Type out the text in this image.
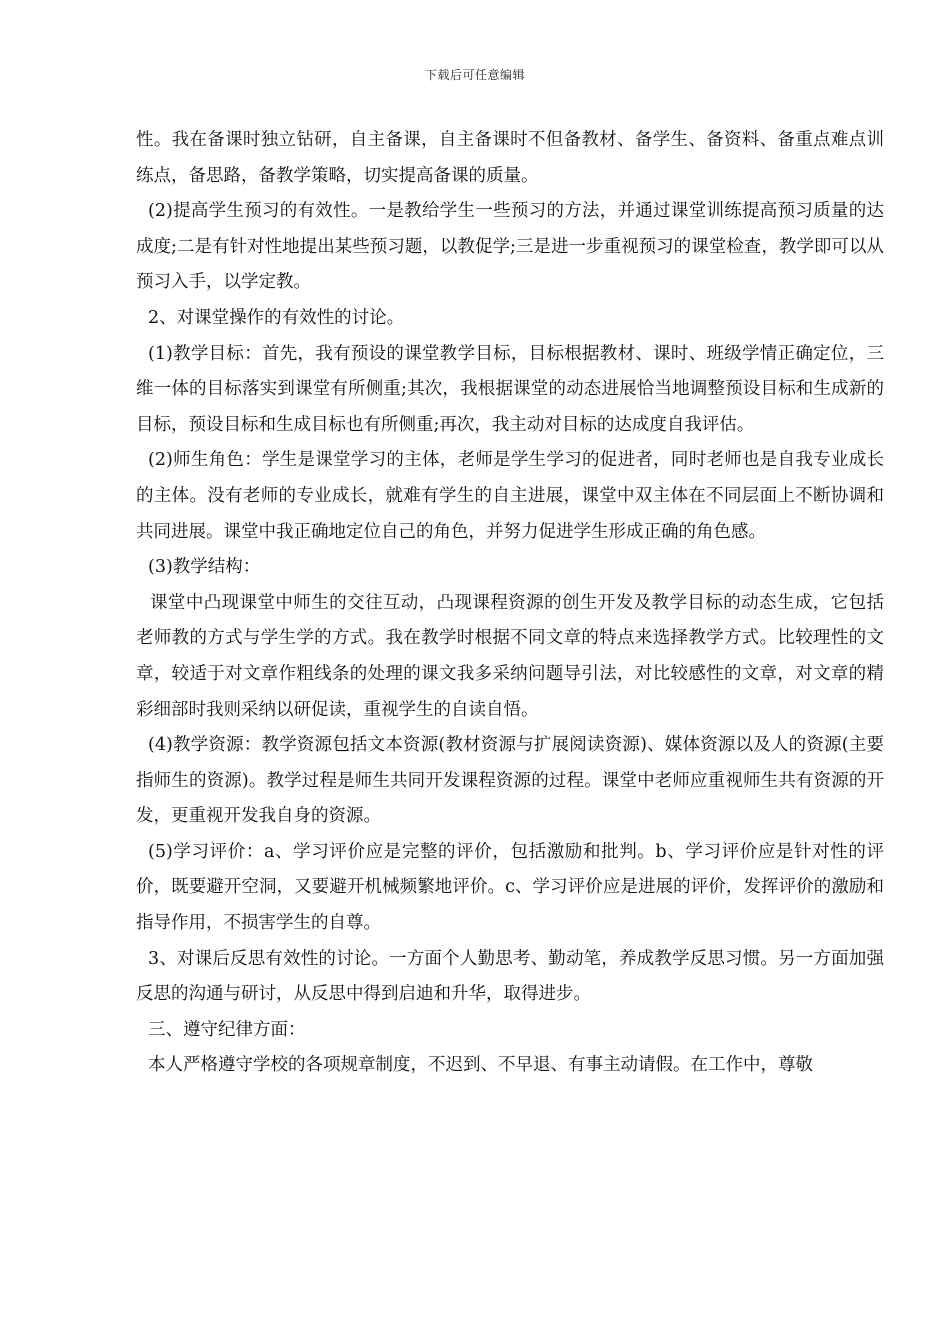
下载后可任意编辑

性。我在备课时独立钻研，自主备课，自主备课时不但备教材、备学生、备资料、备重点难点训练点，备思路，备教学策略，切实提高备课的质量。

(2)提高学生预习的有效性。一是教给学生一些预习的方法，并通过课堂训练提高预习质量的达成度;二是有针对性地提出某些预习题，以教促学;三是进一步重视预习的课堂检查，教学即可以从预习入手，以学定教。

2、对课堂操作的有效性的讨论。

(1)教学目标：首先，我有预设的课堂教学目标，目标根据教材、课时、班级学情正确定位，三维一体的目标落实到课堂有所侧重;其次，我根据课堂的动态进展恰当地调整预设目标和生成新的目标，预设目标和生成目标也有所侧重;再次，我主动对目标的达成度自我评估。

(2)师生角色：学生是课堂学习的主体，老师是学生学习的促进者，同时老师也是自我专业成长的主体。没有老师的专业成长，就难有学生的自主进展，课堂中双主体在不同层面上不断协调和共同进展。课堂中我正确地定位自己的角色，并努力促进学生形成正确的角色感。

(3)教学结构：

课堂中凸现课堂中师生的交往互动，凸现课程资源的创生开发及教学目标的动态生成，它包括老师教的方式与学生学的方式。我在教学时根据不同文章的特点来选择教学方式。比较理性的文章，较适于对文章作粗线条的处理的课文我多采纳问题导引法，对比较感性的文章，对文章的精彩细部时我则采纳以研促读，重视学生的自读自悟。

(4)教学资源：教学资源包括文本资源(教材资源与扩展阅读资源)、媒体资源以及人的资源(主要指师生的资源)。教学过程是师生共同开发课程资源的过程。课堂中老师应重视师生共有资源的开发，更重视开发我自身的资源。

(5)学习评价：a、学习评价应是完整的评价，包括激励和批判。b、学习评价应是针对性的评价，既要避开空洞，又要避开机械频繁地评价。c、学习评价应是进展的评价，发挥评价的激励和指导作用，不损害学生的自尊。

3、对课后反思有效性的讨论。一方面个人勤思考、勤动笔，养成教学反思习惯。另一方面加强反思的沟通与研讨，从反思中得到启迪和升华，取得进步。

三、遵守纪律方面：

本人严格遵守学校的各项规章制度，不迟到、不早退、有事主动请假。在工作中，尊敬
